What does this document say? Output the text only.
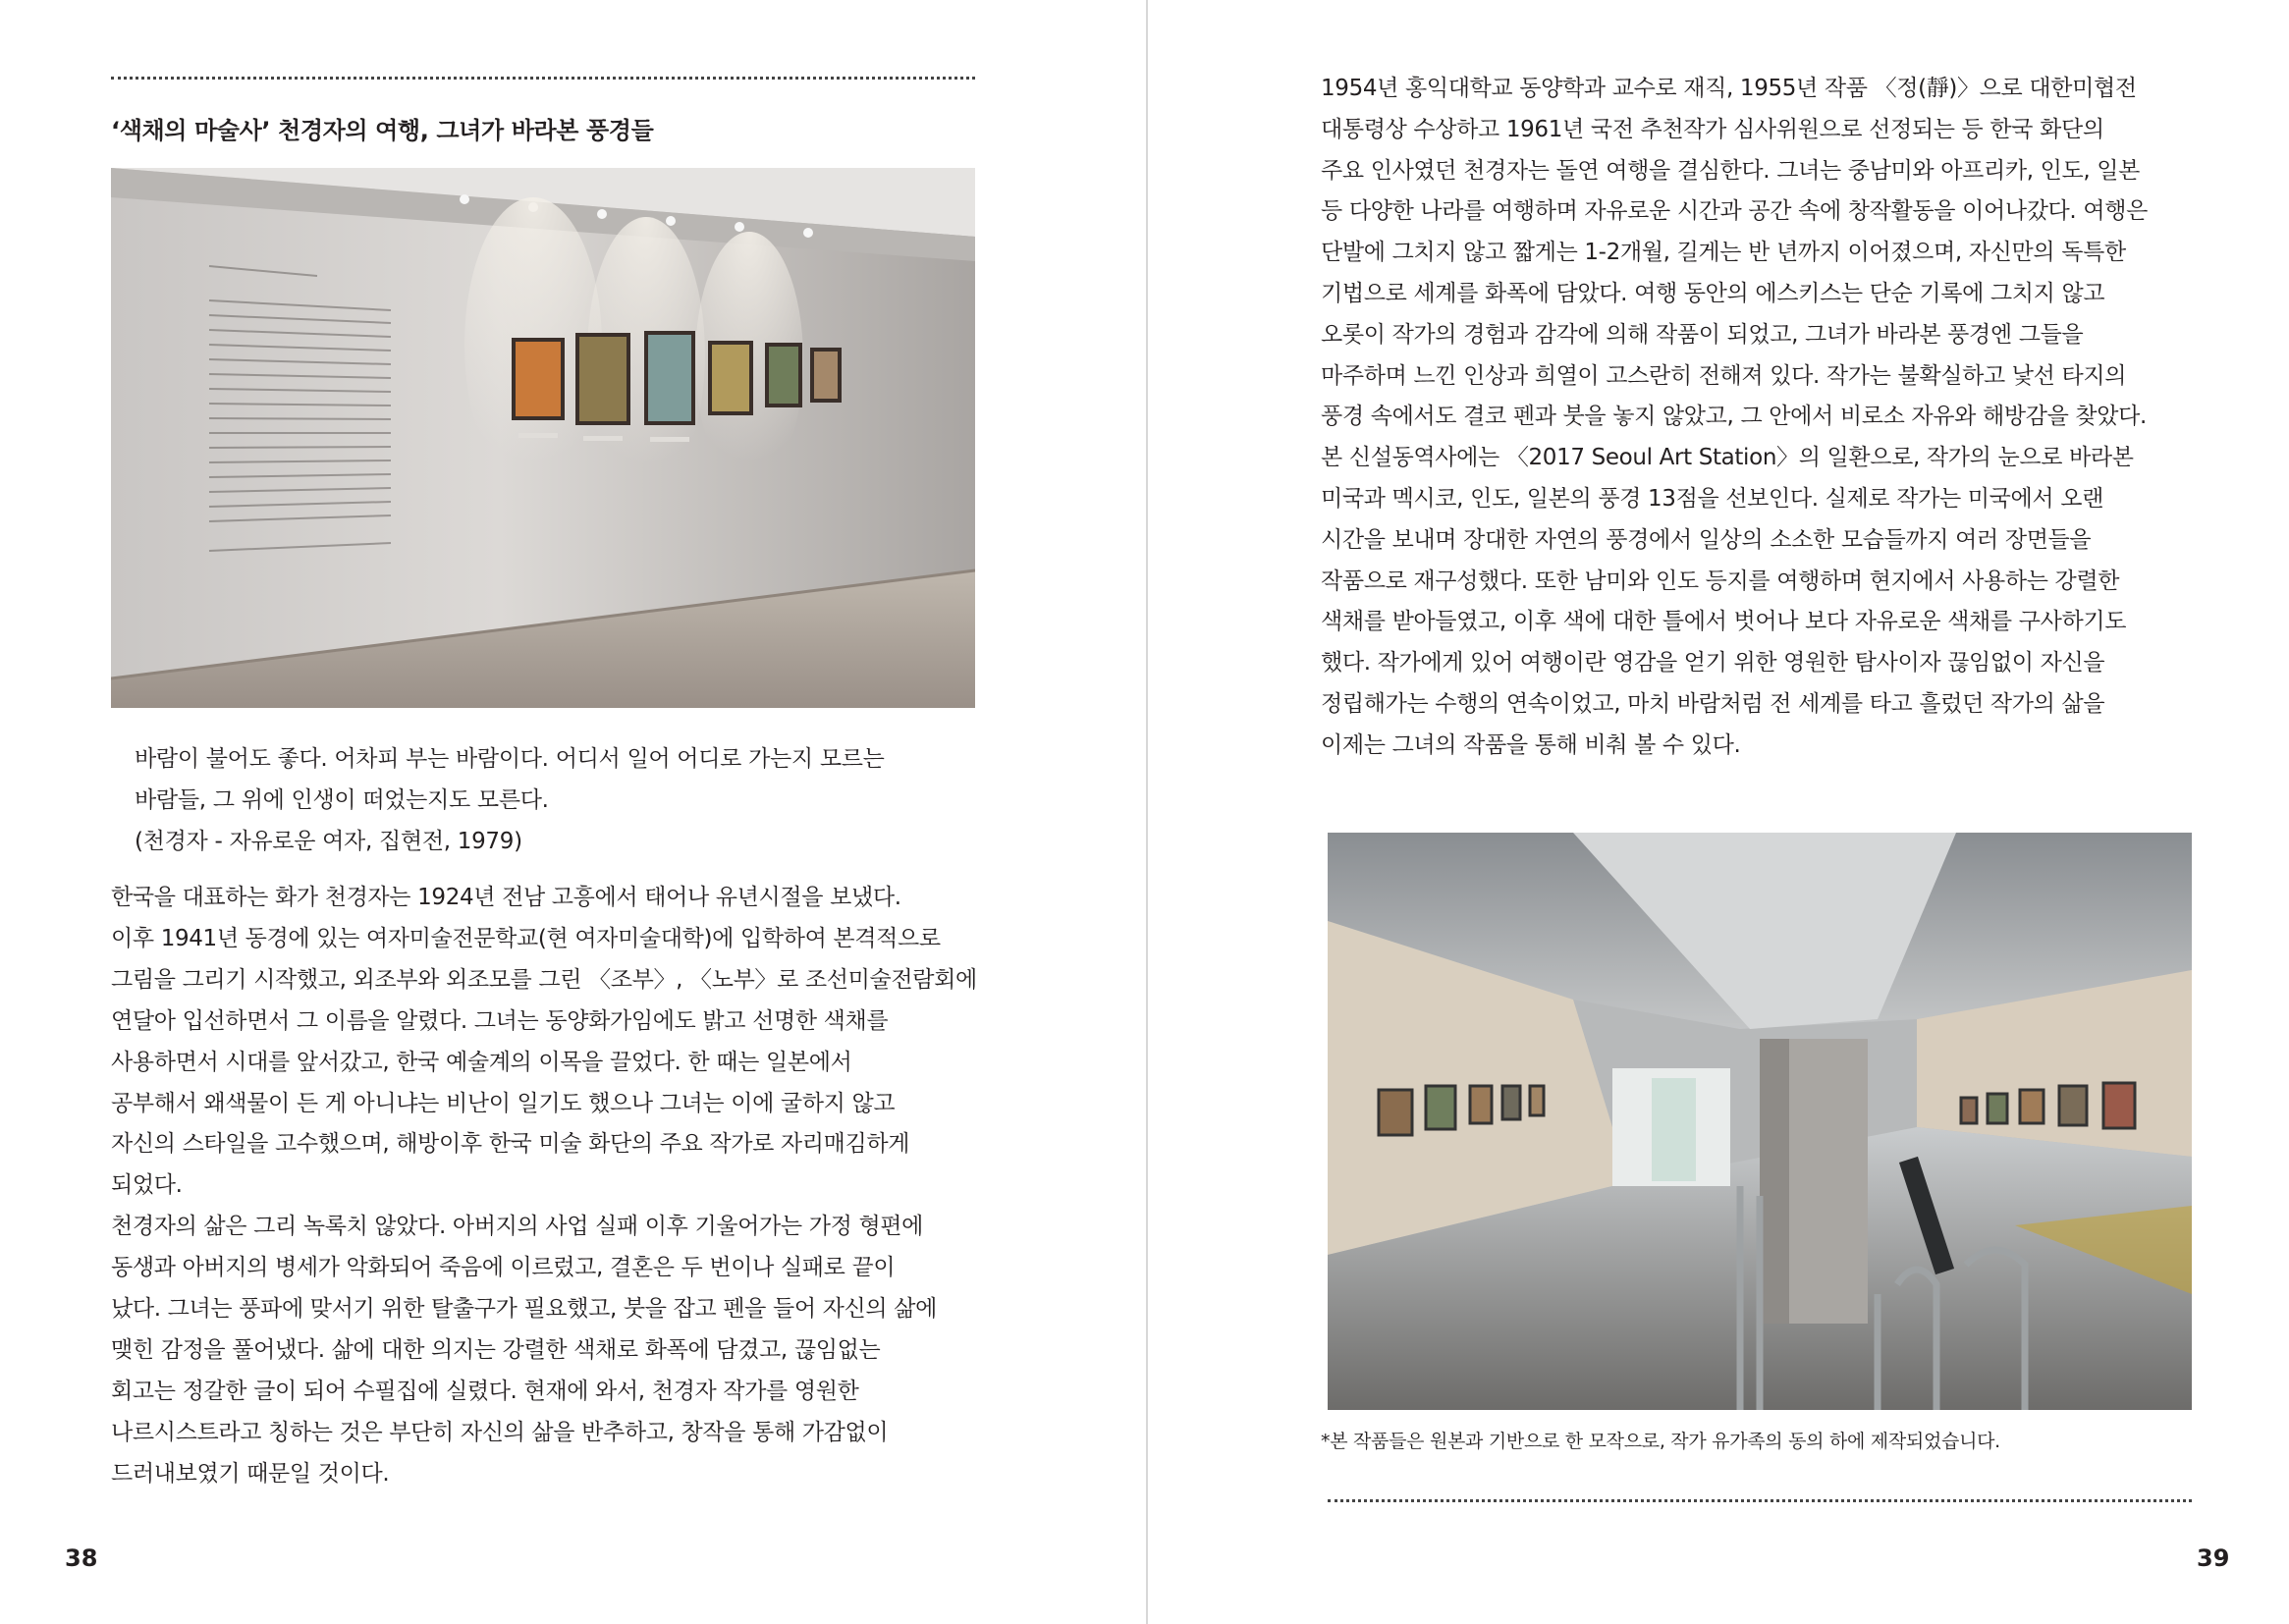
‘색채의 마술사’ 천경자의 여행, 그녀가 바라본 풍경들
바람이 불어도 좋다. 어차피 부는 바람이다. 어디서 일어 어디로 가는지 모르는
바람들, 그 위에 인생이 떠었는지도 모른다.
(천경자 - 자유로운 여자, 집현전, 1979)
한국을 대표하는 화가 천경자는 1924년 전남 고흥에서 태어나 유년시절을 보냈다.
이후 1941년 동경에 있는 여자미술전문학교(현 여자미술대학)에 입학하여 본격적으로
그림을 그리기 시작했고, 외조부와 외조모를 그린 〈조부〉, 〈노부〉로 조선미술전람회에
연달아 입선하면서 그 이름을 알렸다. 그녀는 동양화가임에도 밝고 선명한 색채를
사용하면서 시대를 앞서갔고, 한국 예술계의 이목을 끌었다. 한 때는 일본에서
공부해서 왜색물이 든 게 아니냐는 비난이 일기도 했으나 그녀는 이에 굴하지 않고
자신의 스타일을 고수했으며, 해방이후 한국 미술 화단의 주요 작가로 자리매김하게
되었다.
천경자의 삶은 그리 녹록치 않았다. 아버지의 사업 실패 이후 기울어가는 가정 형편에
동생과 아버지의 병세가 악화되어 죽음에 이르렀고, 결혼은 두 번이나 실패로 끝이
났다. 그녀는 풍파에 맞서기 위한 탈출구가 필요했고, 붓을 잡고 펜을 들어 자신의 삶에
맺힌 감정을 풀어냈다. 삶에 대한 의지는 강렬한 색채로 화폭에 담겼고, 끊임없는
회고는 정갈한 글이 되어 수필집에 실렸다. 현재에 와서, 천경자 작가를 영원한
나르시스트라고 칭하는 것은 부단히 자신의 삶을 반추하고, 창작을 통해 가감없이
드러내보였기 때문일 것이다.
38
1954년 홍익대학교 동양학과 교수로 재직, 1955년 작품 〈정(靜)〉으로 대한미협전
대통령상 수상하고 1961년 국전 추천작가 심사위원으로 선정되는 등 한국 화단의
주요 인사였던 천경자는 돌연 여행을 결심한다. 그녀는 중남미와 아프리카, 인도, 일본
등 다양한 나라를 여행하며 자유로운 시간과 공간 속에 창작활동을 이어나갔다. 여행은
단발에 그치지 않고 짧게는 1-2개월, 길게는 반 년까지 이어졌으며, 자신만의 독특한
기법으로 세계를 화폭에 담았다. 여행 동안의 에스키스는 단순 기록에 그치지 않고
오롯이 작가의 경험과 감각에 의해 작품이 되었고, 그녀가 바라본 풍경엔 그들을
마주하며 느낀 인상과 희열이 고스란히 전해져 있다. 작가는 불확실하고 낯선 타지의
풍경 속에서도 결코 펜과 붓을 놓지 않았고, 그 안에서 비로소 자유와 해방감을 찾았다.
본 신설동역사에는 〈2017 Seoul Art Station〉의 일환으로, 작가의 눈으로 바라본
미국과 멕시코, 인도, 일본의 풍경 13점을 선보인다. 실제로 작가는 미국에서 오랜
시간을 보내며 장대한 자연의 풍경에서 일상의 소소한 모습들까지 여러 장면들을
작품으로 재구성했다. 또한 남미와 인도 등지를 여행하며 현지에서 사용하는 강렬한
색채를 받아들였고, 이후 색에 대한 틀에서 벗어나 보다 자유로운 색채를 구사하기도
했다. 작가에게 있어 여행이란 영감을 얻기 위한 영원한 탐사이자 끊임없이 자신을
정립해가는 수행의 연속이었고, 마치 바람처럼 전 세계를 타고 흘렀던 작가의 삶을
이제는 그녀의 작품을 통해 비춰 볼 수 있다.
*본 작품들은 원본과 기반으로 한 모작으로, 작가 유가족의 동의 하에 제작되었습니다.
39
